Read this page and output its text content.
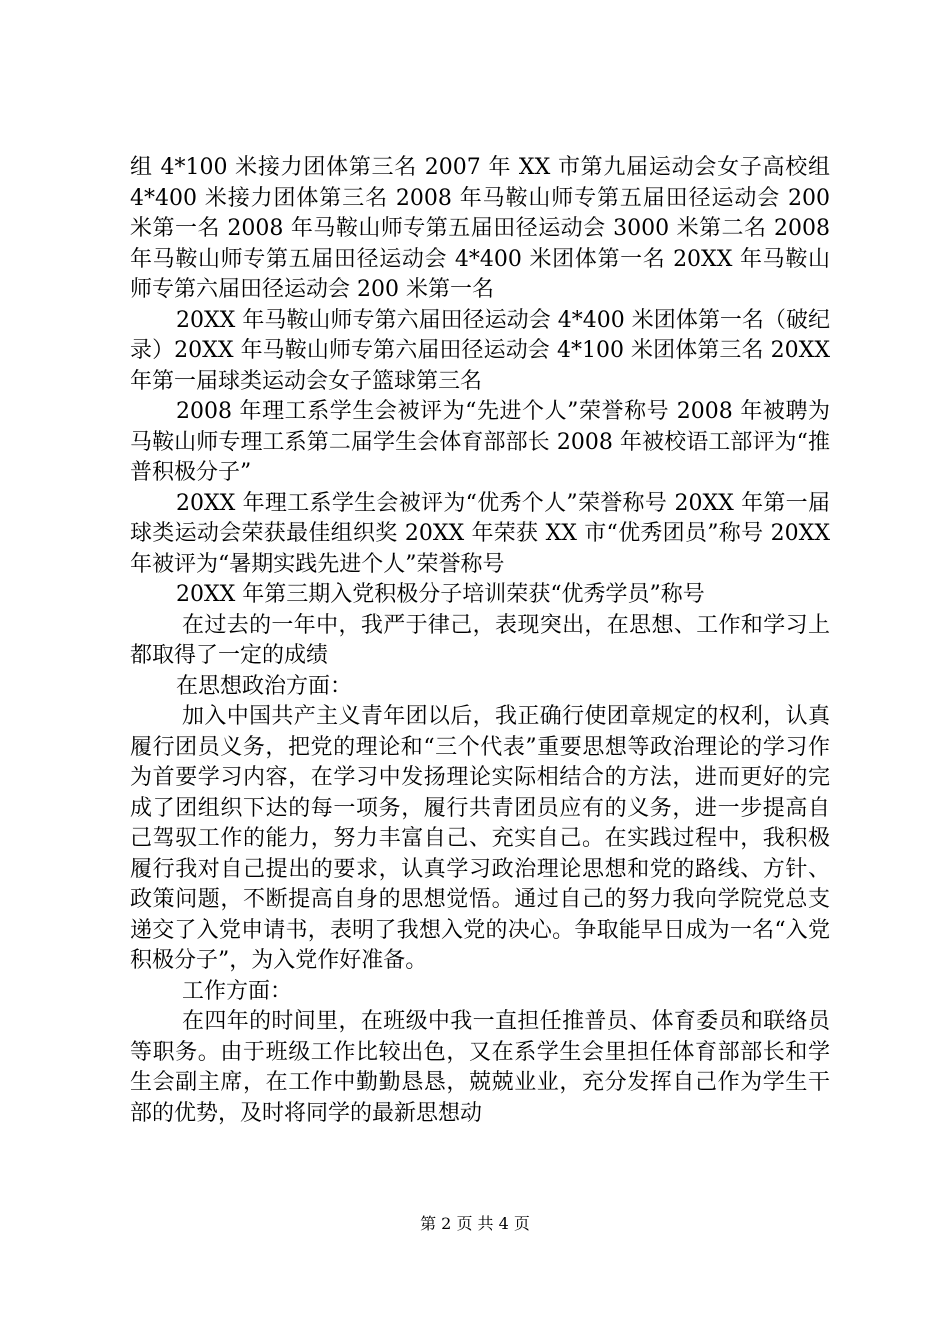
组 4*100 米接力团体第三名 2007 年 XX 市第九届运动会女子高校组 4*400 米接力团体第三名 2008 年马鞍山师专第五届田径运动会 200 米第一名 2008 年马鞍山师专第五届田径运动会 3000 米第二名 2008 年马鞍山师专第五届田径运动会 4*400 米团体第一名 20XX 年马鞍山师专第六届田径运动会 200 米第一名

20XX 年马鞍山师专第六届田径运动会 4*400 米团体第一名（破纪录）20XX 年马鞍山师专第六届田径运动会 4*100 米团体第三名 20XX 年第一届球类运动会女子篮球第三名

2008 年理工系学生会被评为“先进个人”荣誉称号 2008 年被聘为马鞍山师专理工系第二届学生会体育部部长 2008 年被校语工部评为“推普积极分子”

20XX 年理工系学生会被评为“优秀个人”荣誉称号 20XX 年第一届球类运动会荣获最佳组织奖 20XX 年荣获 XX 市“优秀团员”称号 20XX 年被评为“暑期实践先进个人”荣誉称号

20XX 年第三期入党积极分子培训荣获“优秀学员”称号

在过去的一年中，我严于律己，表现突出，在思想、工作和学习上都取得了一定的成绩

在思想政治方面：

加入中国共产主义青年团以后，我正确行使团章规定的权利，认真履行团员义务，把党的理论和“三个代表”重要思想等政治理论的学习作为首要学习内容，在学习中发扬理论实际相结合的方法，进而更好的完成了团组织下达的每一项务，履行共青团员应有的义务，进一步提高自己驾驭工作的能力，努力丰富自己、充实自己。在实践过程中，我积极履行我对自己提出的要求，认真学习政治理论思想和党的路线、方针、政策问题，不断提高自身的思想觉悟。通过自己的努力我向学院党总支递交了入党申请书，表明了我想入党的决心。争取能早日成为一名“入党积极分子”，为入党作好准备。

工作方面：

在四年的时间里，在班级中我一直担任推普员、体育委员和联络员等职务。由于班级工作比较出色，又在系学生会里担任体育部部长和学生会副主席，在工作中勤勤恳恳，兢兢业业，充分发挥自己作为学生干部的优势，及时将同学的最新思想动

第 2 页 共 4 页
